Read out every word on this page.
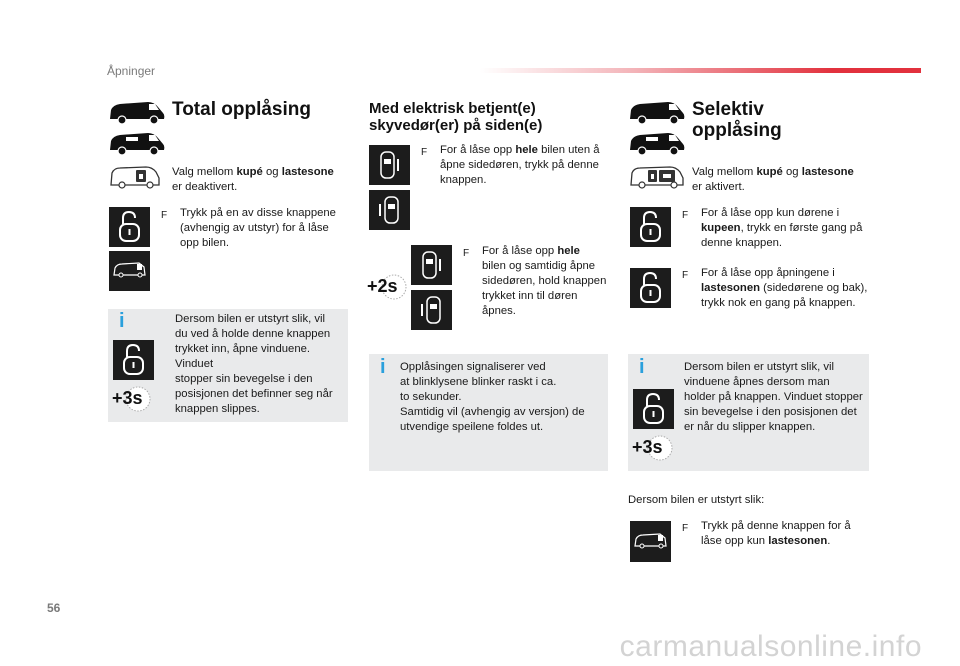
Åpninger
Total opplåsing
Valg mellom kupé og lastesone
er deaktivert.
F Trykk på en av disse knappene (avhengig av utstyr) for å låse opp bilen.
i
+3s
Dersom bilen er utstyrt slik, vil
du ved å holde denne knappen
trykket inn, åpne vinduene. Vinduet
stopper sin bevegelse i den
posisjonen det befinner seg når
knappen slippes.
Med elektrisk betjent(e)
skyvedør(er) på siden(e)
F For å låse opp hele bilen uten å
åpne sidedøren, trykk på denne
knappen.
+2s
F For å låse opp hele
bilen og samtidig åpne
sidedøren, hold knappen
trykket inn til døren
åpnes.
i Opplåsingen signaliserer ved
at blinklysene blinker raskt i ca.
to sekunder.
Samtidig vil (avhengig av versjon) de
utvendige speilene foldes ut.
Selektiv
opplåsing
Valg mellom kupé og lastesone
er aktivert.
F For å låse opp kun dørene i
kupeen, trykk en første gang på
denne knappen.
F For å låse opp åpningene i
lastesonen (sidedørene og bak),
trykk nok en gang på knappen.
i
+3s
Dersom bilen er utstyrt slik, vil
vinduene åpnes dersom man
holder på knappen. Vinduet stopper
sin bevegelse i den posisjonen det
er når du slipper knappen.
Dersom bilen er utstyrt slik:
F Trykk på denne knappen for å
låse opp kun lastesonen.
56
carmanualsonline.info
